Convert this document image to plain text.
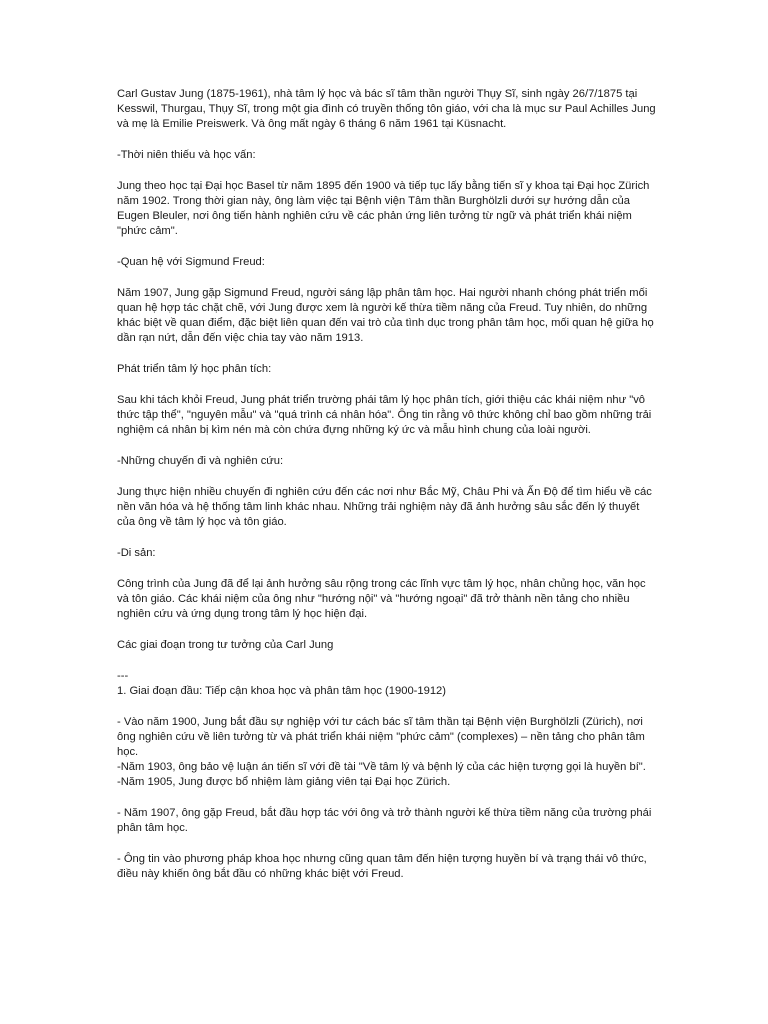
Carl Gustav Jung (1875-1961), nhà tâm lý học và bác sĩ tâm thần người Thụy Sĩ, sinh ngày 26/7/1875 tại Kesswil, Thurgau, Thụy Sĩ, trong một gia đình có truyền thống tôn giáo, với cha là mục sư Paul Achilles Jung và mẹ là Emilie Preiswerk. Và ông mất ngày 6 tháng 6 năm 1961 tại Küsnacht.

-Thời niên thiếu và học vấn:

Jung theo học tại Đại học Basel từ năm 1895 đến 1900 và tiếp tục lấy bằng tiến sĩ y khoa tại Đại học Zürich năm 1902. Trong thời gian này, ông làm việc tại Bệnh viện Tâm thần Burghölzli dưới sự hướng dẫn của Eugen Bleuler, nơi ông tiến hành nghiên cứu về các phản ứng liên tưởng từ ngữ và phát triển khái niệm "phức cảm".

-Quan hệ với Sigmund Freud:

Năm 1907, Jung gặp Sigmund Freud, người sáng lập phân tâm học. Hai người nhanh chóng phát triển mối quan hệ hợp tác chặt chẽ, với Jung được xem là người kế thừa tiềm năng của Freud. Tuy nhiên, do những khác biệt về quan điểm, đặc biệt liên quan đến vai trò của tình dục trong phân tâm học, mối quan hệ giữa họ dần rạn nứt, dẫn đến việc chia tay vào năm 1913.

Phát triển tâm lý học phân tích:

Sau khi tách khỏi Freud, Jung phát triển trường phái tâm lý học phân tích, giới thiệu các khái niệm như "vô thức tập thể", "nguyên mẫu" và "quá trình cá nhân hóa". Ông tin rằng vô thức không chỉ bao gồm những trải nghiệm cá nhân bị kìm nén mà còn chứa đựng những ký ức và mẫu hình chung của loài người.

-Những chuyến đi và nghiên cứu:

Jung thực hiện nhiều chuyến đi nghiên cứu đến các nơi như Bắc Mỹ, Châu Phi và Ấn Độ để tìm hiểu về các nền văn hóa và hệ thống tâm linh khác nhau. Những trải nghiệm này đã ảnh hưởng sâu sắc đến lý thuyết của ông về tâm lý học và tôn giáo.

-Di sản:

Công trình của Jung đã để lại ảnh hưởng sâu rộng trong các lĩnh vực tâm lý học, nhân chủng học, văn học và tôn giáo. Các khái niệm của ông như "hướng nội" và "hướng ngoại" đã trở thành nền tảng cho nhiều nghiên cứu và ứng dụng trong tâm lý học hiện đại.

Các giai đoạn trong tư tưởng của Carl Jung

---

1. Giai đoạn đầu: Tiếp cận khoa học và phân tâm học (1900-1912)

- Vào năm 1900, Jung bắt đầu sự nghiệp với tư cách bác sĩ tâm thần tại Bệnh viện Burghölzli (Zürich), nơi ông nghiên cứu về liên tưởng từ và phát triển khái niệm "phức cảm" (complexes) – nền tảng cho phân tâm học.
-Năm 1903, ông bảo vệ luận án tiến sĩ với đề tài "Về tâm lý và bệnh lý của các hiện tượng gọi là huyền bí".
-Năm 1905, Jung được bổ nhiệm làm giảng viên tại Đại học Zürich.

- Năm 1907, ông gặp Freud, bắt đầu hợp tác với ông và trở thành người kế thừa tiềm năng của trường phái phân tâm học.

- Ông tin vào phương pháp khoa học nhưng cũng quan tâm đến hiện tượng huyền bí và trạng thái vô thức, điều này khiến ông bắt đầu có những khác biệt với Freud.
